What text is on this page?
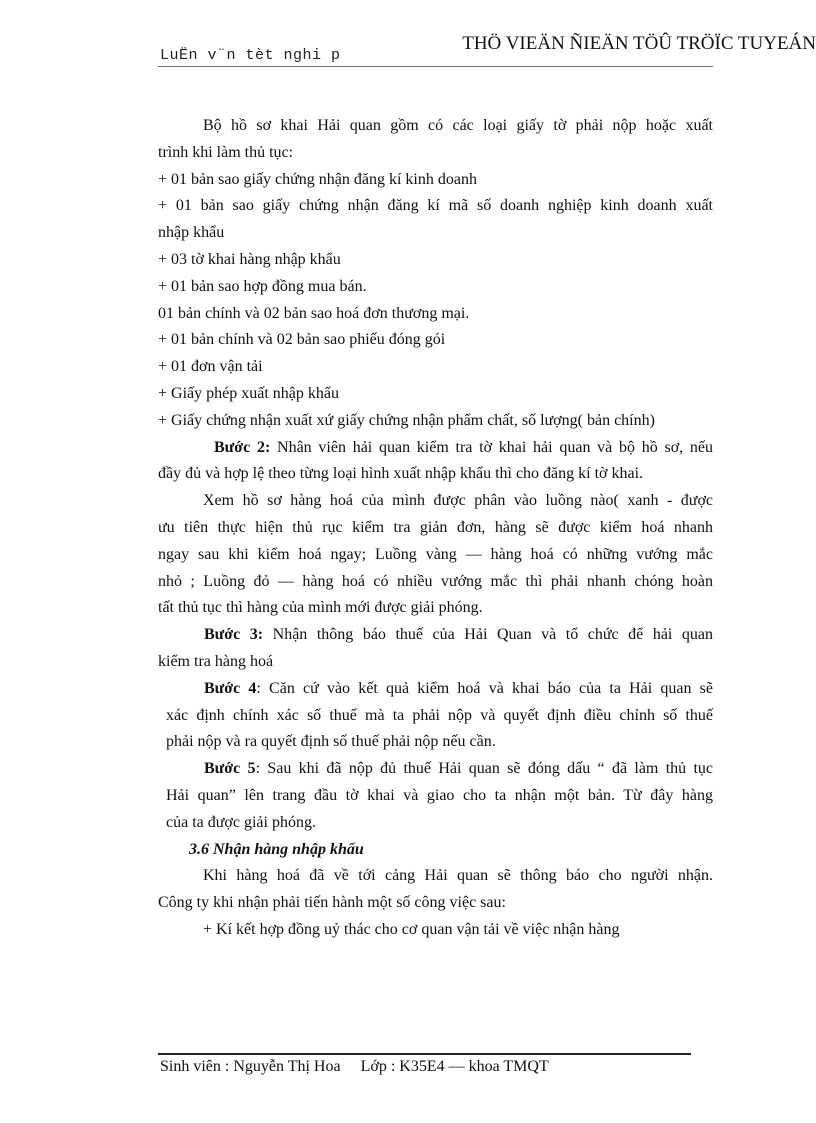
LuËn v¨n tèt nghi p
THÖ VIEÄN ÑIEÄN TÖÛ TRÖÏC TUYEÁN
Bộ hồ sơ khai Hải quan gồm có các loại giấy tờ phải nộp hoặc xuất
trình khi làm thủ tục:
+ 01 bản sao giấy chứng nhận đăng kí kinh doanh
+ 01 bản sao giấy chứng nhận đăng kí mã số doanh nghiệp kinh doanh xuất
nhập khẩu
+ 03 tờ khai hàng nhập khẩu
+ 01 bản sao hợp đồng mua bán.
01 bản chính và 02 bản sao hoá đơn thương mại.
+ 01 bản chính và 02 bản sao phiếu đóng gói
+ 01 đơn vận tải
+ Giấy phép xuất nhập khẩu
+ Giấy chứng nhận xuất xứ giấy chứng nhận phẩm chất, số lượng( bản chính)
Bước 2: Nhân viên hải quan kiểm tra tờ khai hải quan và bộ hồ sơ, nếu
đầy đủ và hợp lệ theo từng loại hình xuất nhập khẩu thì cho đăng kí tờ khai.
Xem hồ sơ hàng hoá của mình được phân vào luồng nào( xanh - được
ưu tiên thực hiện thủ rục kiểm tra giản đơn, hàng sẽ được kiểm hoá nhanh
ngay sau khi kiểm hoá ngay; Luồng vàng — hàng hoá có những vướng mắc
nhỏ ; Luồng đỏ — hàng hoá có nhiều vướng mắc thì phải nhanh chóng hoàn
tất thủ tục thì hàng của mình mới được giải phóng.
Bước 3: Nhận thông báo thuế của Hải Quan và tổ chức để hải quan
kiểm tra hàng hoá
Bước 4: Căn cứ vào kết quả kiểm hoá và khai báo của ta Hải quan sẽ
xác định chính xác số thuế mà ta phải nộp và quyết định điều chỉnh số thuế
phải nộp và ra quyết định số thuế phải nộp nếu cần.
Bước 5: Sau khi đã nộp đủ thuế Hải quan sẽ đóng dấu “ đã làm thủ tục
Hải quan” lên trang đầu tờ khai và giao cho ta nhận một bản. Từ đây hàng
của ta được giải phóng.
3.6 Nhận hàng nhập khẩu
Khi hàng hoá đã về tới cảng Hải quan sẽ thông báo cho người nhận.
Công ty khi nhận phải tiến hành một số công việc sau:
+ Kí kết hợp đồng uỷ thác cho cơ quan vận tải về việc nhận hàng
Sinh viên : Nguyễn Thị Hoa     Lớp : K35E4 — khoa TMQT
